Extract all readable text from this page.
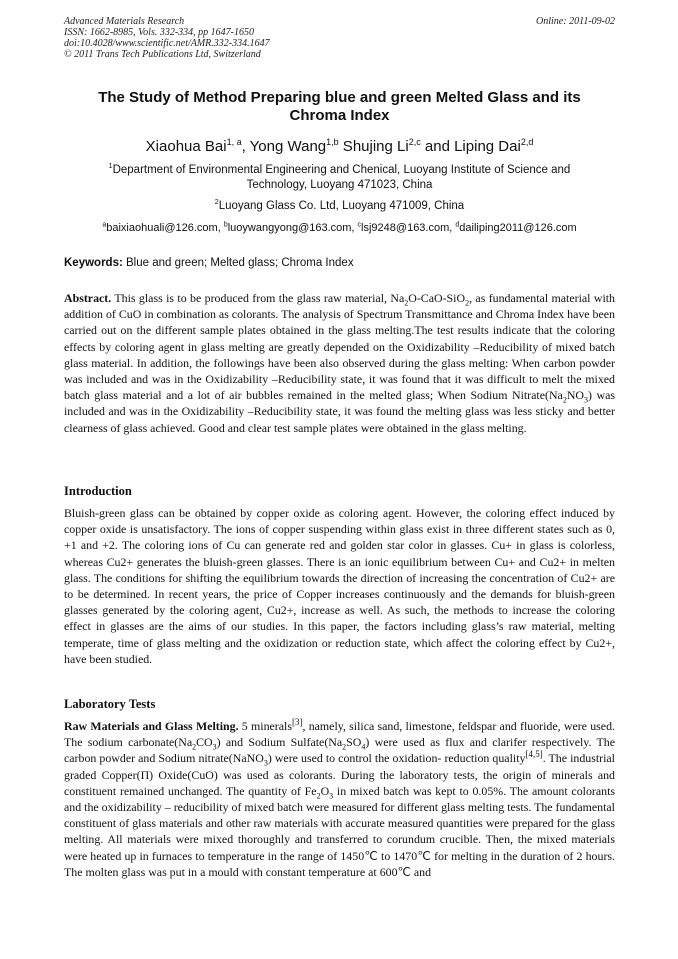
Advanced Materials Research
ISSN: 1662-8985, Vols. 332-334, pp 1647-1650
doi:10.4028/www.scientific.net/AMR.332-334.1647
© 2011 Trans Tech Publications Ltd, Switzerland
Online: 2011-09-02
The Study of Method Preparing blue and green Melted Glass and its
Chroma Index
Xiaohua Bai$^{1, a}$, Yong Wang$^{1,b}$ Shujing Li$^{2,c}$ and Liping Dai$^{2,d}$
$^1$Department of Environmental Engineering and Chenical, Luoyang Institute of Science and
Technology, Luoyang 471023, China
$^2$Luoyang Glass Co. Ltd, Luoyang 471009, China
$^a$baixiaohuali@126.com, $^b$luoywangyong@163.com, $^c$lsj9248@163.com, $^d$dailiping2011@126.com
Keywords: Blue and green; Melted glass; Chroma Index
Abstract. This glass is to be produced from the glass raw material, $Na_2O-CaO-SiO_2$, as fundamental material with addition of CuO in combination as colorants. The analysis of Spectrum Transmittance and Chroma Index have been carried out on the different sample plates obtained in the glass melting.The test results indicate that the coloring effects by coloring agent in glass melting are greatly depended on the Oxidizability –Reducibility of mixed batch glass material. In addition, the followings have been also observed during the glass melting: When carbon powder was included and was in the Oxidizability –Reducibility state, it was found that it was difficult to melt the mixed batch glass material and a lot of air bubbles remained in the melted glass; When Sodium $Nitrate(Na_2NO_3)$ was included and was in the Oxidizability –Reducibility state, it was found the melting glass was less sticky and better clearness of glass achieved. Good and clear test sample plates were obtained in the glass melting.
Introduction
Bluish-green glass can be obtained by copper oxide as coloring agent. However, the coloring effect induced by copper oxide is unsatisfactory. The ions of copper suspending within glass exist in three different states such as 0, +1 and +2. The coloring ions of Cu can generate red and golden star color in glasses. Cu+ in glass is colorless, whereas Cu2+ generates the bluish-green glasses. There is an ionic equilibrium between Cu+ and Cu2+ in melten glass. The conditions for shifting the equilibrium towards the direction of increasing the concentration of Cu2+ are to be determined. In recent years, the price of Copper increases continuously and the demands for bluish-green glasses generated by the coloring agent, Cu2+, increase as well. As such, the methods to increase the coloring effect in glasses are the aims of our studies. In this paper, the factors including glass’s raw material, melting temperate, time of glass melting and the oxidization or reduction state, which affect the coloring effect by Cu2+, have been studied.
Laboratory Tests
Raw Materials and Glass Melting. 5 minerals[3], namely, silica sand, limestone, feldspar and fluoride, were used. The sodium $carbonate(Na_2CO_3)$ and Sodium $Sulfate(Na_2SO_4)$ were used as flux and clarifer respectively. The carbon powder and Sodium nitrate(NaNO$_3$) were used to control the oxidation- reduction quality[4,5]. The industrial graded Copper(Π) Oxide(CuO) was used as colorants. During the laboratory tests, the origin of minerals and constituent remained unchanged. The quantity of $Fe_2O_3$ in mixed batch was kept to 0.05%. The amount colorants and the oxidizability – reducibility of mixed batch were measured for different glass melting tests. The fundamental constituent of glass materials and other raw materials with accurate measured quantities were prepared for the glass melting. All materials were mixed thoroughly and transferred to corundum crucible. Then, the mixed materials were heated up in furnaces to temperature in the range of 1450℃ to 1470℃ for melting in the duration of 2 hours. The molten glass was put in a mould with constant temperature at 600℃ and
